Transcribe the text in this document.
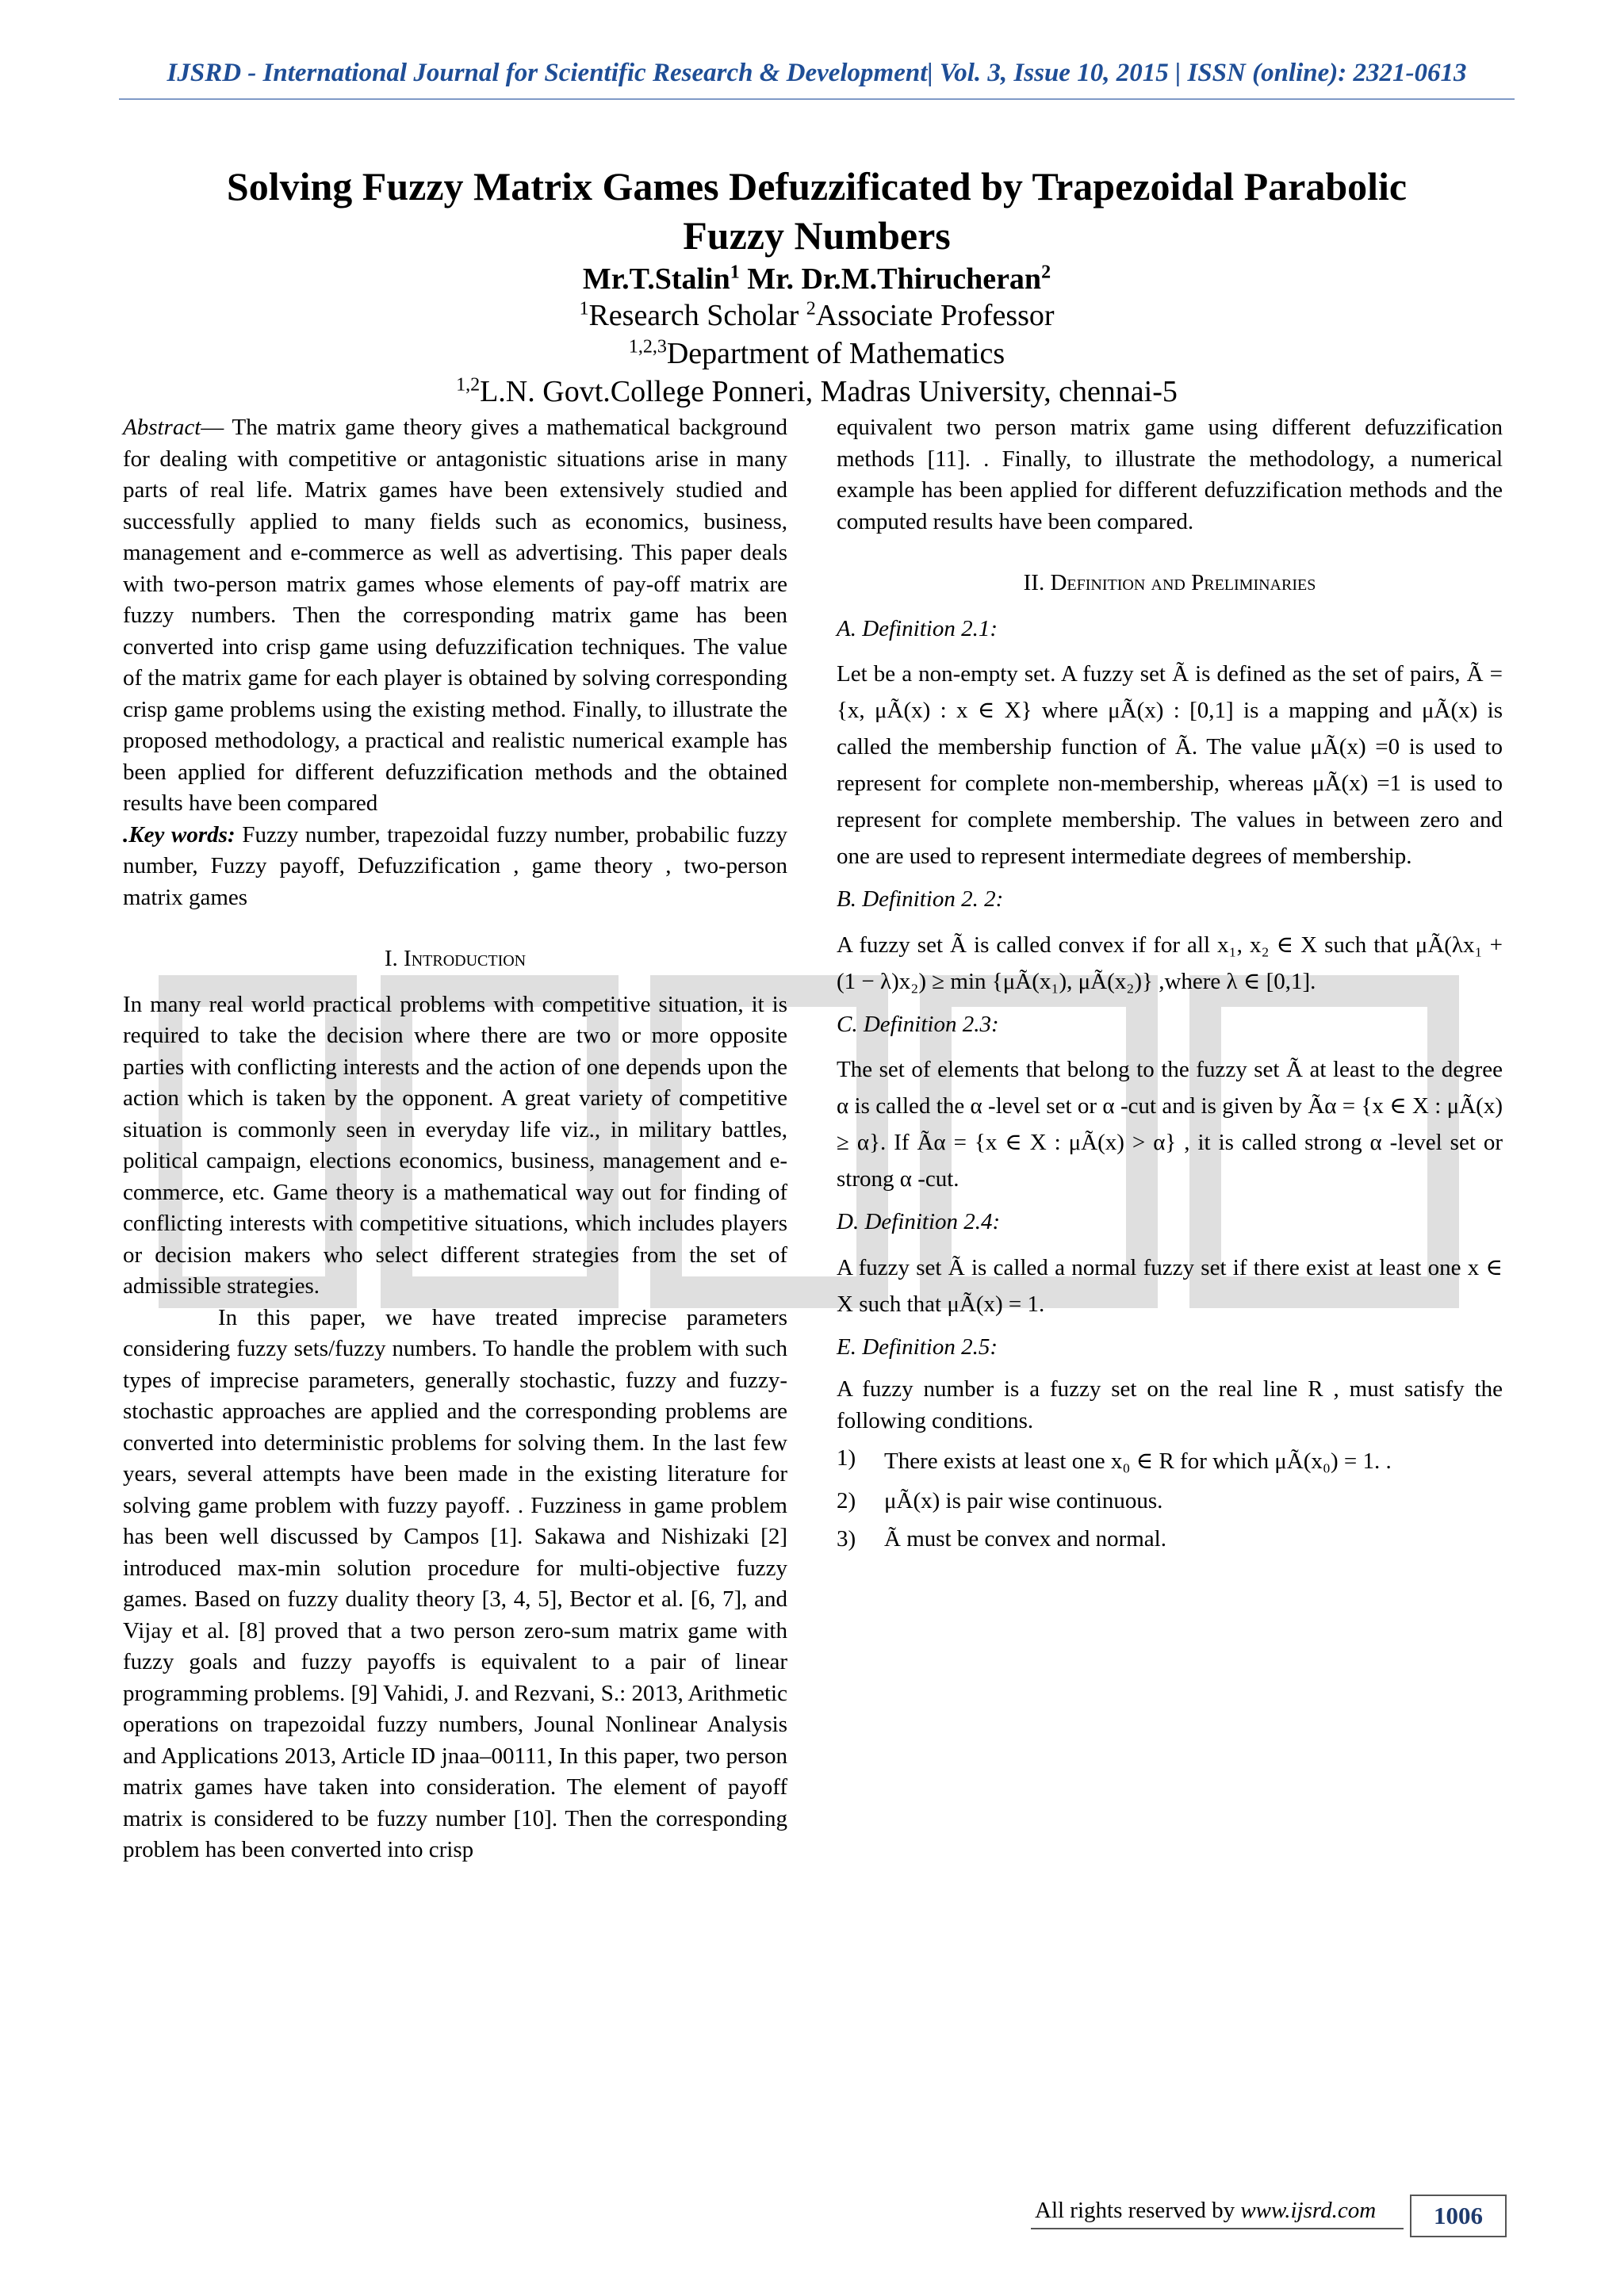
IJSRD - International Journal for Scientific Research & Development| Vol. 3, Issue 10, 2015 | ISSN (online): 2321-0613
Solving Fuzzy Matrix Games Defuzzificated by Trapezoidal Parabolic
Fuzzy Numbers
Mr.T.Stalin$^1$ Mr. Dr.M.Thirucheran$^2$
$^1$Research Scholar $^2$Associate Professor
$^{1,2,3}$Department of Mathematics
$^{1,2}$L.N. Govt.College Ponneri, Madras University, chennai-5

Abstract— The matrix game theory gives a mathematical background for dealing with competitive or antagonistic situations arise in many parts of real life. Matrix games have been extensively studied and successfully applied to many fields such as economics, business, management and e-commerce as well as advertising. This paper deals with two-person matrix games whose elements of pay-off matrix are fuzzy numbers. Then the corresponding matrix game has been converted into crisp game using defuzzification techniques. The value of the matrix game for each player is obtained by solving corresponding crisp game problems using the existing method. Finally, to illustrate the proposed methodology, a practical and realistic numerical example has been applied for different defuzzification methods and the obtained results have been compared

.Key words: Fuzzy number, trapezoidal fuzzy number, probabilic fuzzy number, Fuzzy payoff, Defuzzification , game theory , two-person matrix games

I. Introduction

In many real world practical problems with competitive situation, it is required to take the decision where there are two or more opposite parties with conflicting interests and the action of one depends upon the action which is taken by the opponent. A great variety of competitive situation is commonly seen in everyday life viz., in military battles, political campaign, elections economics, business, management and e-commerce, etc. Game theory is a mathematical way out for finding of conflicting interests with competitive situations, which includes players or decision makers who select different strategies from the set of admissible strategies.

In this paper, we have treated imprecise parameters considering fuzzy sets/fuzzy numbers. To handle the problem with such types of imprecise parameters, generally stochastic, fuzzy and fuzzy-stochastic approaches are applied and the corresponding problems are converted into deterministic problems for solving them. In the last few years, several attempts have been made in the existing literature for solving game problem with fuzzy payoff. . Fuzziness in game problem has been well discussed by Campos [1]. Sakawa and Nishizaki [2] introduced max-min solution procedure for multi-objective fuzzy games. Based on fuzzy duality theory [3, 4, 5], Bector et al. [6, 7], and Vijay et al. [8] proved that a two person zero-sum matrix game with fuzzy goals and fuzzy payoffs is equivalent to a pair of linear programming problems. [9] Vahidi, J. and Rezvani, S.: 2013, Arithmetic operations on trapezoidal fuzzy numbers, Jounal Nonlinear Analysis and Applications 2013, Article ID jnaa–00111, In this paper, two person matrix games have taken into consideration. The element of payoff matrix is considered to be fuzzy number [10]. Then the corresponding problem has been converted into crisp

equivalent two person matrix game using different defuzzification methods [11]. . Finally, to illustrate the methodology, a numerical example has been applied for different defuzzification methods and the computed results have been compared.

II. Definition and Preliminaries

A. Definition 2.1:

Let be a non-empty set. A fuzzy set Ã is defined as the set of pairs, Ã = {x, μÃ(x) : x ∈ X} where μÃ(x) : [0,1] is a mapping and μÃ(x) is called the membership function of Ã. The value μÃ(x) =0 is used to represent for complete non-membership, whereas μÃ(x) =1 is used to represent for complete membership. The values in between zero and one are used to represent intermediate degrees of membership.

B. Definition 2. 2:

A fuzzy set Ã is called convex if for all x₁, x₂ ∈ X such that μÃ(λx₁ + (1 − λ)x₂) ≥ min {μÃ(x₁), μÃ(x₂)} ,where λ ∈ [0,1].

C. Definition 2.3:

The set of elements that belong to the fuzzy set Ã at least to the degree α is called the α -level set or α -cut and is given by Ãα = {x ∈ X : μÃ(x) ≥ α}. If Ãα = {x ∈ X : μÃ(x) > α} , it is called strong α -level set or strong α -cut.

D. Definition 2.4:

A fuzzy set Ã is called a normal fuzzy set if there exist at least one x ∈ X such that μÃ(x) = 1.

E. Definition 2.5:

A fuzzy number is a fuzzy set on the real line R , must satisfy the following conditions.

1)	There exists at least one x₀ ∈ R for which μÃ(x₀) = 1. .
2)	μÃ(x) is pair wise continuous.
3)	Ã must be convex and normal.
All rights reserved by www.ijsrd.com	1006
